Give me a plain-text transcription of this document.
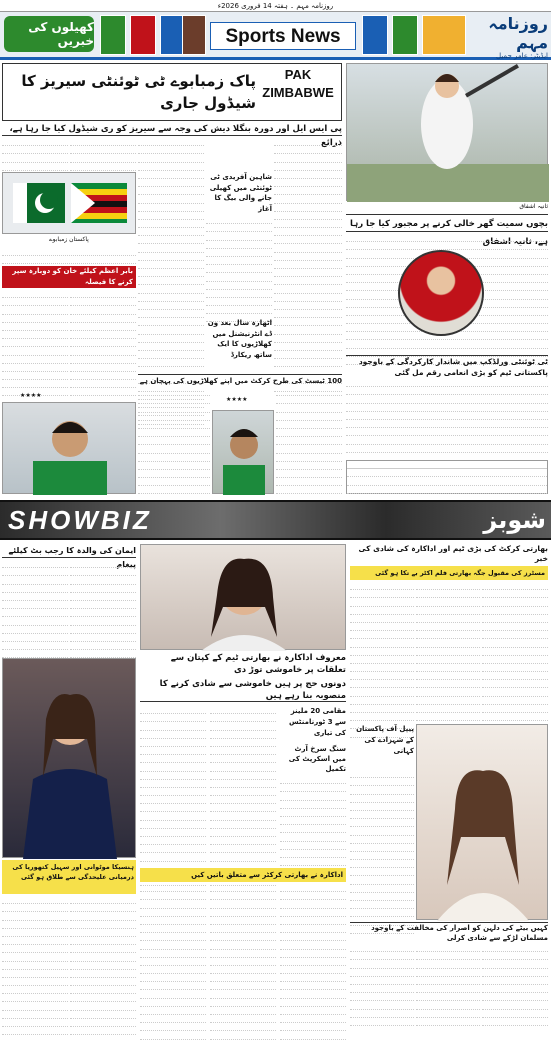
روزنامہ مہم ۔ ہفتہ 14 فروری 2026ء
کھیلوں کی خبریں	Sports News
روزنامہ مہم
ایڈیٹر: عامر جمیل
PAK
ZIMBABWE
پاک زمبابوے ٹی ٹوئنٹی سیریز کا شیڈول جاری
پی ایس ایل اور دورہ بنگلا دیش کی وجہ سے سیریز کو ری شیڈول کیا جا رہا ہے، ذرائع
ثانیہ اشفاق
بچوں سمیت گھر خالی کرنے پر مجبور کیا جا رہا ہے، ثانیہ اشفاق
ٹی ٹوئنٹی ورلڈکپ میں شاندار کارکردگی کے باوجود پاکستانی ٹیم کو بڑی انعامی رقم مل گئی
پاکستان زمبابوے
بابر اعظم کیلئے خان کو دوبارہ سپر کرنے کا فیصلہ
ٹیم مینجمنٹ سے تبادلے کے بعد کارکردگی کا جائزہ
★★★★
شاہین آفریدی ٹی ٹوئنٹی میں کھیلی جانے والی بیگ کا آغاز
اٹھارہ سال بعد ون ڈے انٹرنیشنل میں کھلاڑیوں کا ایک ساتھ ریکارڈ
100 ٹیسٹ کی طرح کرکٹ میں اپنے کھلاڑیوں کی پہچان ہے
★★★★
SHOWBIZ	شوبز
ایمان کی والدہ کا رجب بٹ کیلئے پیغام
ہنسیکا موٹوانی اور سہیل کتھوریا کی درمیانی علیحدگی سے طلاق ہو گئی
معروف اداکارہ نے بھارتی ٹیم کے کپتان سے تعلقات پر خاموشی توڑ دی
دونوں حج پر ہیں خاموشی سے شادی کرنے کا منصوبہ بنا رہے ہیں
مقامی 20 ملینز سے 3 ٹورنامنٹس کی تیاری
سنگ سرخ آرٹ میں اسکرپٹ کی تکمیل
اداکارہ نے بھارتی کرکٹر سے متعلق باتیں کیں
بھارتی کرکٹ کی بڑی ٹیم اور اداکارہ کی شادی کی خبر
مسٹرز کی مقبول جگہ بھارتی فلم اکٹر بے تکا ہو گئی
پیپل آف پاکستان کے شہزادے کی کہانی
کہیں بیٹے کی دلہن کو اصرار کی مخالفت کے باوجود مسلمان لڑکے سے شادی کرلی
